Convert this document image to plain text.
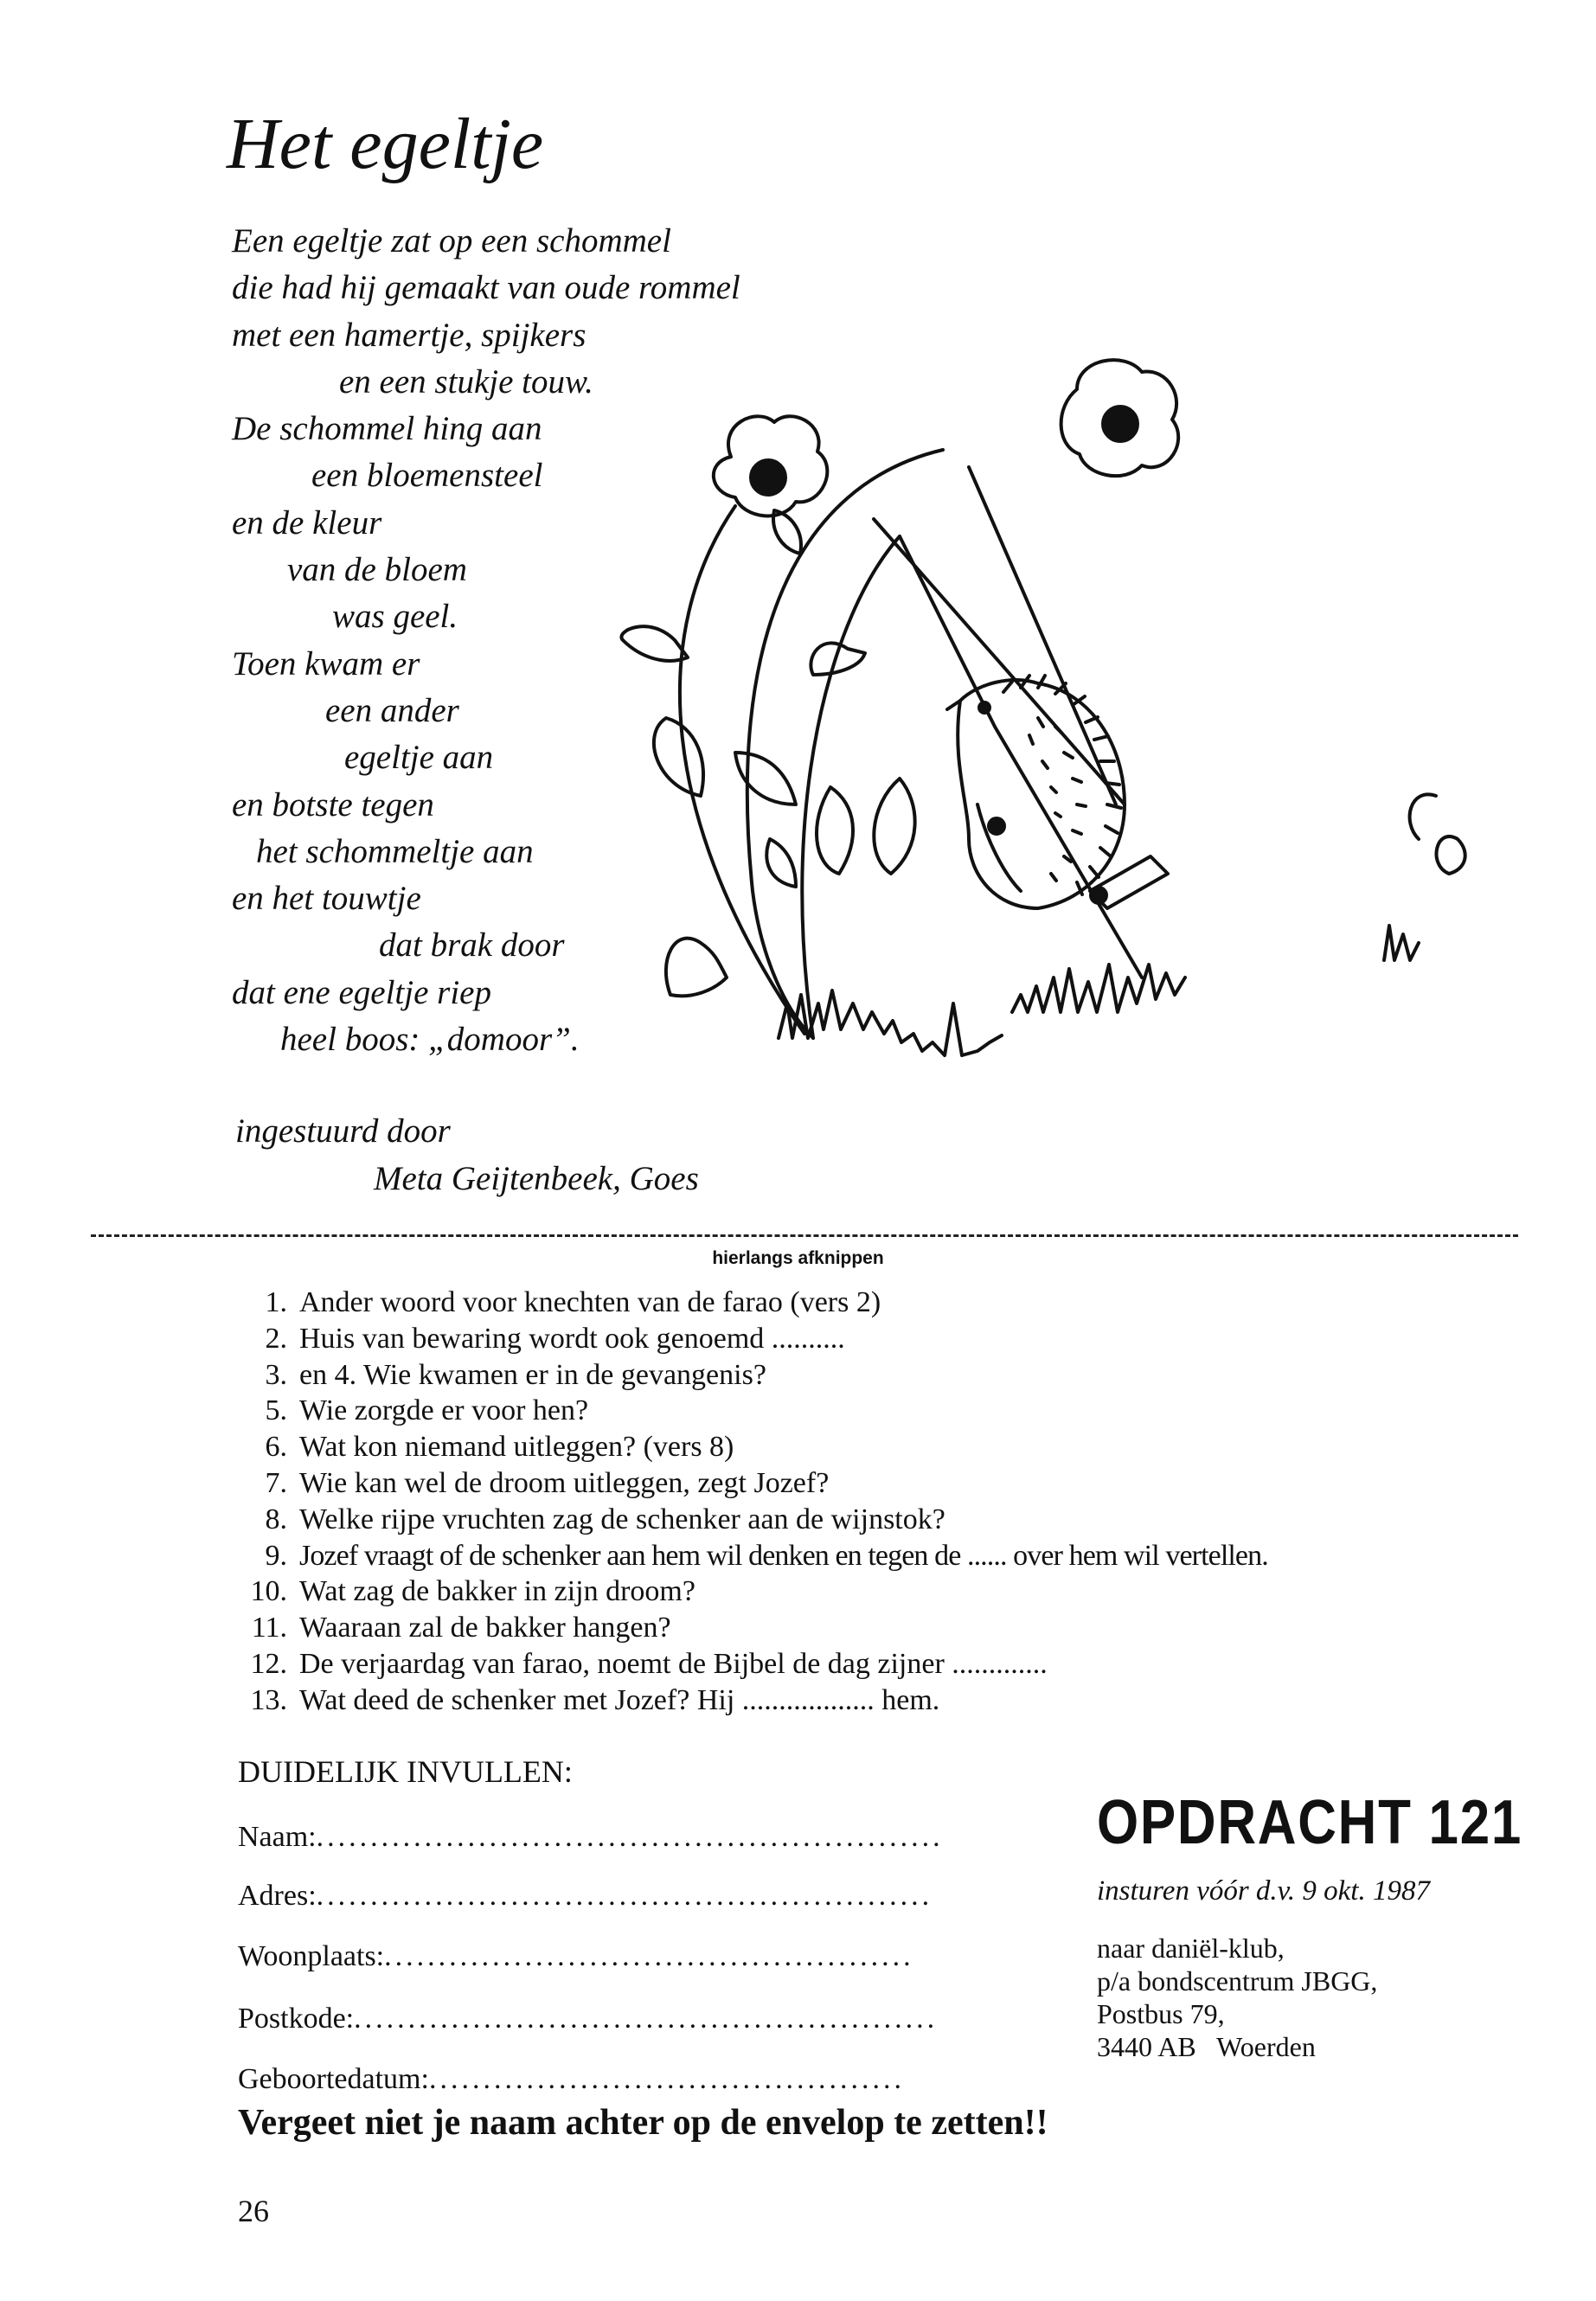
Het egeltje
Een egeltje zat op een schommel
die had hij gemaakt van oude rommel
met een hamertje, spijkers
en een stukje touw.
De schommel hing aan
een bloemensteel
en de kleur
van de bloem
was geel.
Toen kwam er
een ander
egeltje aan
en botste tegen
het schommeltje aan
en het touwtje
dat brak door
dat ene egeltje riep
heel boos: „domoor”.
ingestuurd door
Meta Geijtenbeek, Goes
hierlangs afknippen
1. Ander woord voor knechten van de farao (vers 2)
2. Huis van bewaring wordt ook genoemd ..........
3. en 4. Wie kwamen er in de gevangenis?
5. Wie zorgde er voor hen?
6. Wat kon niemand uitleggen? (vers 8)
7. Wie kan wel de droom uitleggen, zegt Jozef?
8. Welke rijpe vruchten zag de schenker aan de wijnstok?
9. Jozef vraagt of de schenker aan hem wil denken en tegen de ...... over hem wil vertellen.
10. Wat zag de bakker in zijn droom?
11. Waaraan zal de bakker hangen?
12. De verjaardag van farao, noemt de Bijbel de dag zijner .............
13. Wat deed de schenker met Jozef? Hij .................. hem.
DUIDELIJK INVULLEN:
Naam:..........................................................
Adres:.........................................................
Woonplaats:.................................................
Postkode:......................................................
Geboortedatum:............................................
OPDRACHT 121
insturen vóór d.v. 9 okt. 1987
naar daniël-klub,
p/a bondscentrum JBGG,
Postbus 79,
3440 AB   Woerden
Vergeet niet je naam achter op de envelop te zetten!!
26
